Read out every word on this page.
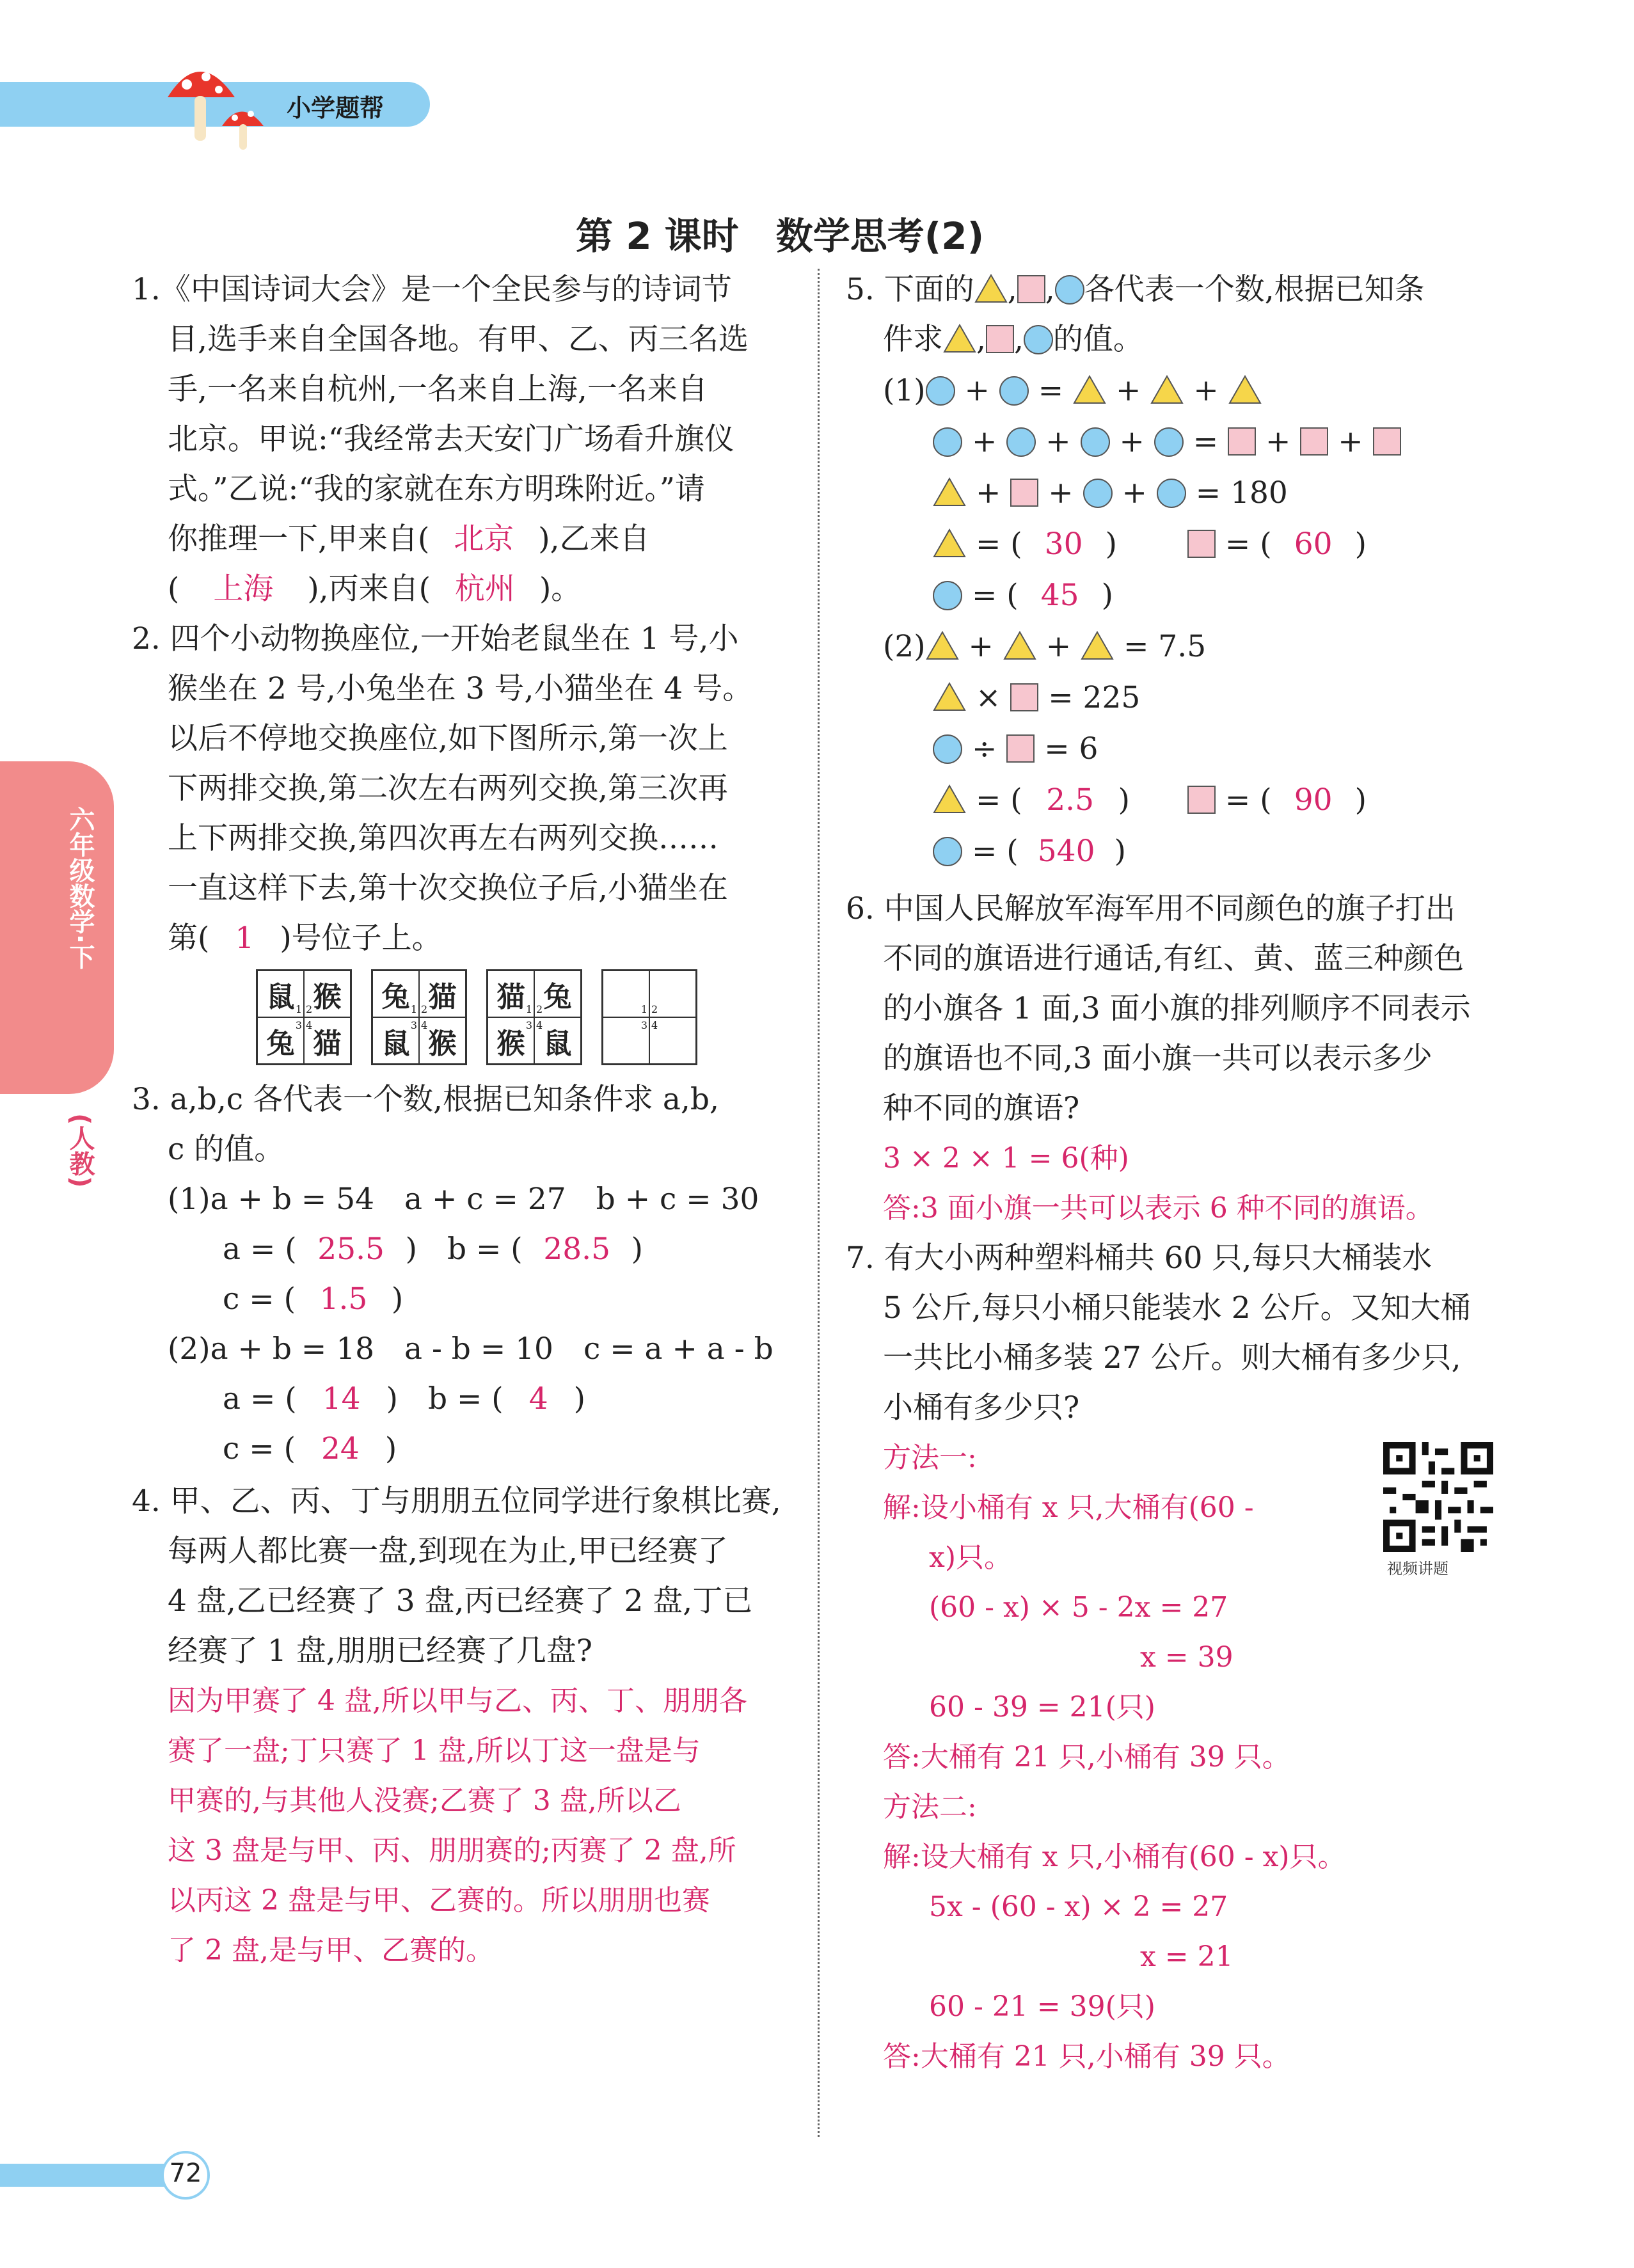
小学题帮
六年级数学·下
(人教)
第 2 课时　数学思考(2)
1.《中国诗词大会》是一个全民参与的诗词节
目,选手来自全国各地。有甲、乙、丙三名选
手,一名来自杭州,一名来自上海,一名来自
北京。甲说:“我经常去天安门广场看升旗仪
式。”乙说:“我的家就在东方明珠附近。”请
你推理一下,甲来自( 北京 ),乙来自
( 上海 ),丙来自( 杭州 )。
2. 四个小动物换座位,一开始老鼠坐在 1 号,小
猴坐在 2 号,小兔坐在 3 号,小猫坐在 4 号。
以后不停地交换座位,如下图所示,第一次上
下两排交换,第二次左右两列交换,第三次再
上下两排交换,第四次再左右两列交换……
一直这样下去,第十次交换位子后,小猫坐在
第( 1 )号位子上。
鼠 1 猴
2
兔
3
猫
4
兔 1 猫
2
鼠
3
猴
4
猫 1 兔
2
猴
3
鼠
4
1 2
3 4
3. a,b,c 各代表一个数,根据已知条件求 a,b,
c 的值。
(1)a + b = 54　a + c = 27　b + c = 30
a = ( 25.5 )　b = ( 28.5 )
c = ( 1.5 )
(2)a + b = 18　a - b = 10　c = a + a - b
a = ( 14 )　b = ( 4 )
c = ( 24 )
4. 甲、乙、丙、丁与朋朋五位同学进行象棋比赛,
每两人都比赛一盘,到现在为止,甲已经赛了
4 盘,乙已经赛了 3 盘,丙已经赛了 2 盘,丁已
经赛了 1 盘,朋朋已经赛了几盘?
因为甲赛了 4 盘,所以甲与乙、丙、丁、朋朋各
赛了一盘;丁只赛了 1 盘,所以丁这一盘是与
甲赛的,与其他人没赛;乙赛了 3 盘,所以乙
这 3 盘是与甲、丙、朋朋赛的;丙赛了 2 盘,所
以丙这 2 盘是与甲、乙赛的。所以朋朋也赛
了 2 盘,是与甲、乙赛的。
5. 下面的 , , 各代表一个数,根据已知条
件求 , , 的值。
(1) +  =  +  +
+  +  +  =  +  +
+  +  +  = 180
= ( 30 )	= ( 60 )
= ( 45 )
(2) +  +  = 7.5
×  = 225
÷  = 6
= ( 2.5 )	= ( 90 )
= ( 540 )
6. 中国人民解放军海军用不同颜色的旗子打出
不同的旗语进行通话,有红、黄、蓝三种颜色
的小旗各 1 面,3 面小旗的排列顺序不同表示
的旗语也不同,3 面小旗一共可以表示多少
种不同的旗语?
3 × 2 × 1 = 6(种)
答:3 面小旗一共可以表示 6 种不同的旗语。
7. 有大小两种塑料桶共 60 只,每只大桶装水
5 公斤,每只小桶只能装水 2 公斤。又知大桶
一共比小桶多装 27 公斤。则大桶有多少只,
小桶有多少只?
方法一:
解:设小桶有 x 只,大桶有(60 -
x)只。
(60 - x) × 5 - 2x = 27
x = 39
60 - 39 = 21(只)
答:大桶有 21 只,小桶有 39 只。
方法二:
解:设大桶有 x 只,小桶有(60 - x)只。
5x - (60 - x) × 2 = 27
x = 21
60 - 21 = 39(只)
答:大桶有 21 只,小桶有 39 只。
视频讲题
72
